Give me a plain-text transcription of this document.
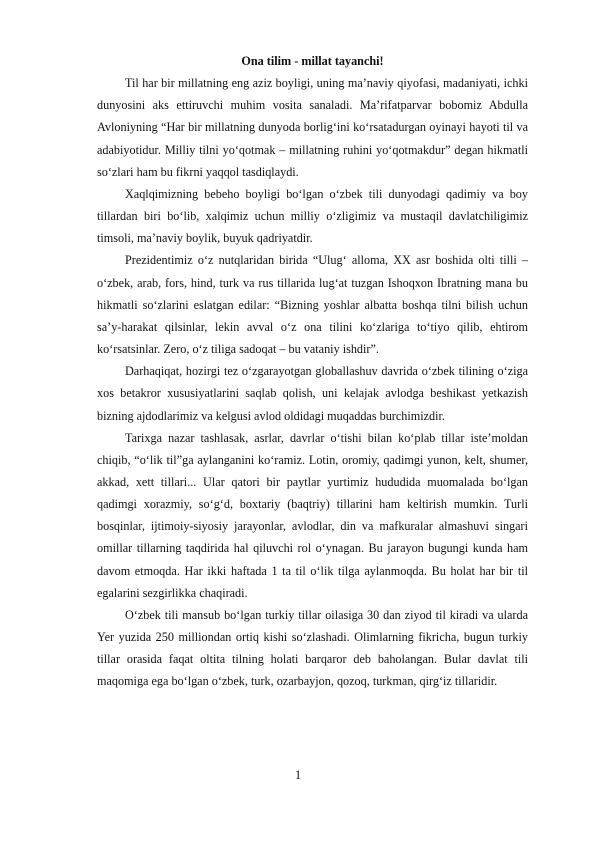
Ona tilim - millat tayanchi!

Til har bir millatning eng aziz boyligi, uning ma’naviy qiyofasi, madaniyati, ichki dunyosini aks ettiruvchi muhim vosita sanaladi. Ma’rifatparvar bobomiz Abdulla Avloniyning “Har bir millatning dunyoda borlig‘ini ko‘rsatadurgan oyinayi hayoti til va adabiyotidur. Milliy tilni yo‘qotmak – millatning ruhini yo‘qotmakdur” degan hikmatli so‘zlari ham bu fikrni yaqqol tasdiqlaydi.

Xaqlqimizning bebeho boyligi bo‘lgan o‘zbek tili dunyodagi qadimiy va boy tillardan biri bo‘lib, xalqimiz uchun milliy o‘zligimiz va mustaqil davlatchiligimiz timsoli, ma’naviy boylik, buyuk qadriyatdir.

Prezidentimiz o‘z nutqlaridan birida “Ulug‘ alloma, XX asr boshida olti tilli – o‘zbek, arab, fors, hind, turk va rus tillarida lug‘at tuzgan Ishoqxon Ibratning mana bu hikmatli so‘zlarini eslatgan edilar: “Bizning yoshlar albatta boshqa tilni bilish uchun sa’y-harakat qilsinlar, lekin avval o‘z ona tilini ko‘zlariga to‘tiyo qilib, ehtirom ko‘rsatsinlar. Zero, o‘z tiliga sadoqat – bu vataniy ishdir”.

Darhaqiqat, hozirgi tez o‘zgarayotgan globallashuv davrida o‘zbek tilining o‘ziga xos betakror xususiyatlarini saqlab qolish, uni kelajak avlodga beshikast yetkazish bizning ajdodlarimiz va kelgusi avlod oldidagi muqaddas burchimizdir.

Tarixga nazar tashlasak, asrlar, davrlar o‘tishi bilan ko‘plab tillar iste’moldan chiqib, “o‘lik til”ga aylanganini ko‘ramiz. Lotin, oromiy, qadimgi yunon, kelt, shumer, akkad, xett tillari... Ular qatori bir paytlar yurtimiz hududida muomalada bo‘lgan qadimgi xorazmiy, so‘g‘d, boxtariy (baqtriy) tillarini ham keltirish mumkin. Turli bosqinlar, ijtimoiy-siyosiy jarayonlar, avlodlar, din va mafkuralar almashuvi singari omillar tillarning taqdirida hal qiluvchi rol o‘ynagan. Bu jarayon bugungi kunda ham davom etmoqda. Har ikki haftada 1 ta til o‘lik tilga aylanmoqda. Bu holat har bir til egalarini sezgirlikka chaqiradi.

O‘zbek tili mansub bo‘lgan turkiy tillar oilasiga 30 dan ziyod til kiradi va ularda Yer yuzida 250 milliondan ortiq kishi so‘zlashadi. Olimlarning fikricha, bugun turkiy tillar orasida faqat oltita tilning holati barqaror deb baholangan. Bular davlat tili maqomiga ega bo‘lgan o‘zbek, turk, ozarbayjon, qozoq, turkman, qirg‘iz tillaridir.

1
